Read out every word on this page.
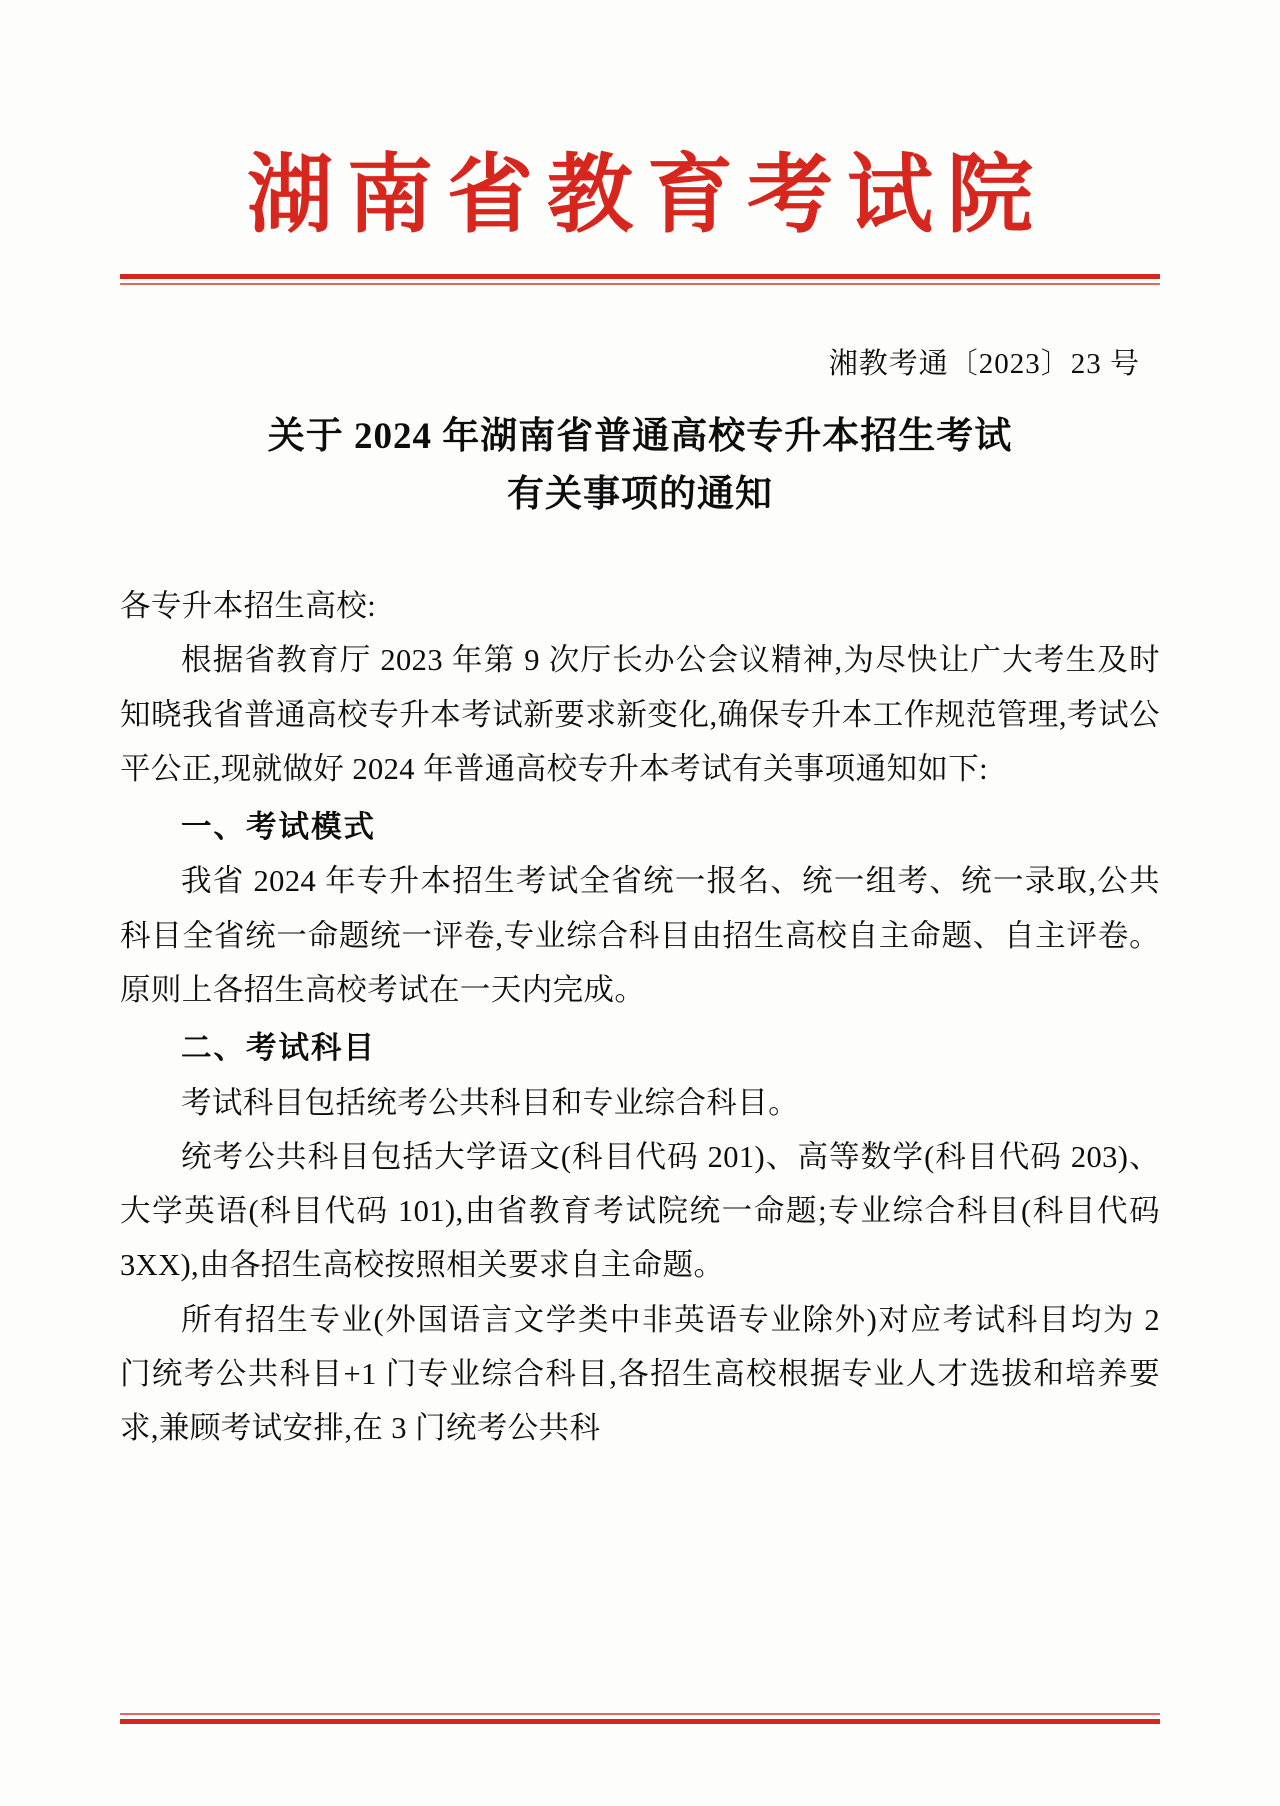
湖南省教育考试院
湘教考通〔2023〕23 号
关于 2024 年湖南省普通高校专升本招生考试
有关事项的通知

各专升本招生高校:

根据省教育厅 2023 年第 9 次厅长办公会议精神,为尽快让广大考生及时知晓我省普通高校专升本考试新要求新变化,确保专升本工作规范管理,考试公平公正,现就做好 2024 年普通高校专升本考试有关事项通知如下:

一、考试模式

我省 2024 年专升本招生考试全省统一报名、统一组考、统一录取,公共科目全省统一命题统一评卷,专业综合科目由招生高校自主命题、自主评卷。原则上各招生高校考试在一天内完成。

二、考试科目

考试科目包括统考公共科目和专业综合科目。

统考公共科目包括大学语文(科目代码 201)、高等数学(科目代码 203)、大学英语(科目代码 101),由省教育考试院统一命题;专业综合科目(科目代码 3XX),由各招生高校按照相关要求自主命题。

所有招生专业(外国语言文学类中非英语专业除外)对应考试科目均为 2 门统考公共科目+1 门专业综合科目,各招生高校根据专业人才选拔和培养要求,兼顾考试安排,在 3 门统考公共科
